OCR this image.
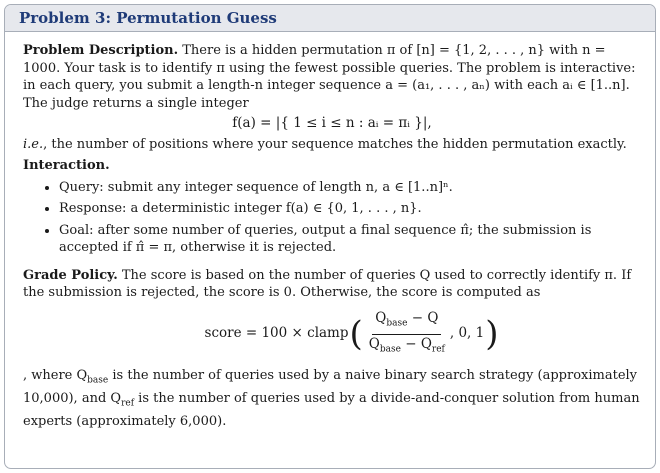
Problem 3: Permutation Guess

Problem Description. There is a hidden permutation π of [n] = {1, 2, . . . , n} with n = 1000. Your task is to identify π using the fewest possible queries. The problem is interactive: in each query, you submit a length-n integer sequence a = (a₁, . . . , aₙ) with each aᵢ ∈ [1..n]. The judge returns a single integer

f(a) = |{ 1 ≤ i ≤ n : aᵢ = πᵢ }|,

i.e., the number of positions where your sequence matches the hidden permutation exactly.

Interaction.

• Query: submit any integer sequence of length n, a ∈ [1..n]ⁿ.
• Response: a deterministic integer f(a) ∈ {0, 1, . . . , n}.
• Goal: after some number of queries, output a final sequence π̂; the submission is accepted if π̂ = π, otherwise it is rejected.

Grade Policy. The score is based on the number of queries Q used to correctly identify π. If the submission is rejected, the score is 0. Otherwise, the score is computed as

score = 100 × clamp ( $\frac{Q_{base} - Q}{Q_{base} - Q_{ref}}$ , 0, 1 )

, where $Q_{base}$ is the number of queries used by a naive binary search strategy (approximately 10,000), and $Q_{ref}$ is the number of queries used by a divide-and-conquer solution from human experts (approximately 6,000).
